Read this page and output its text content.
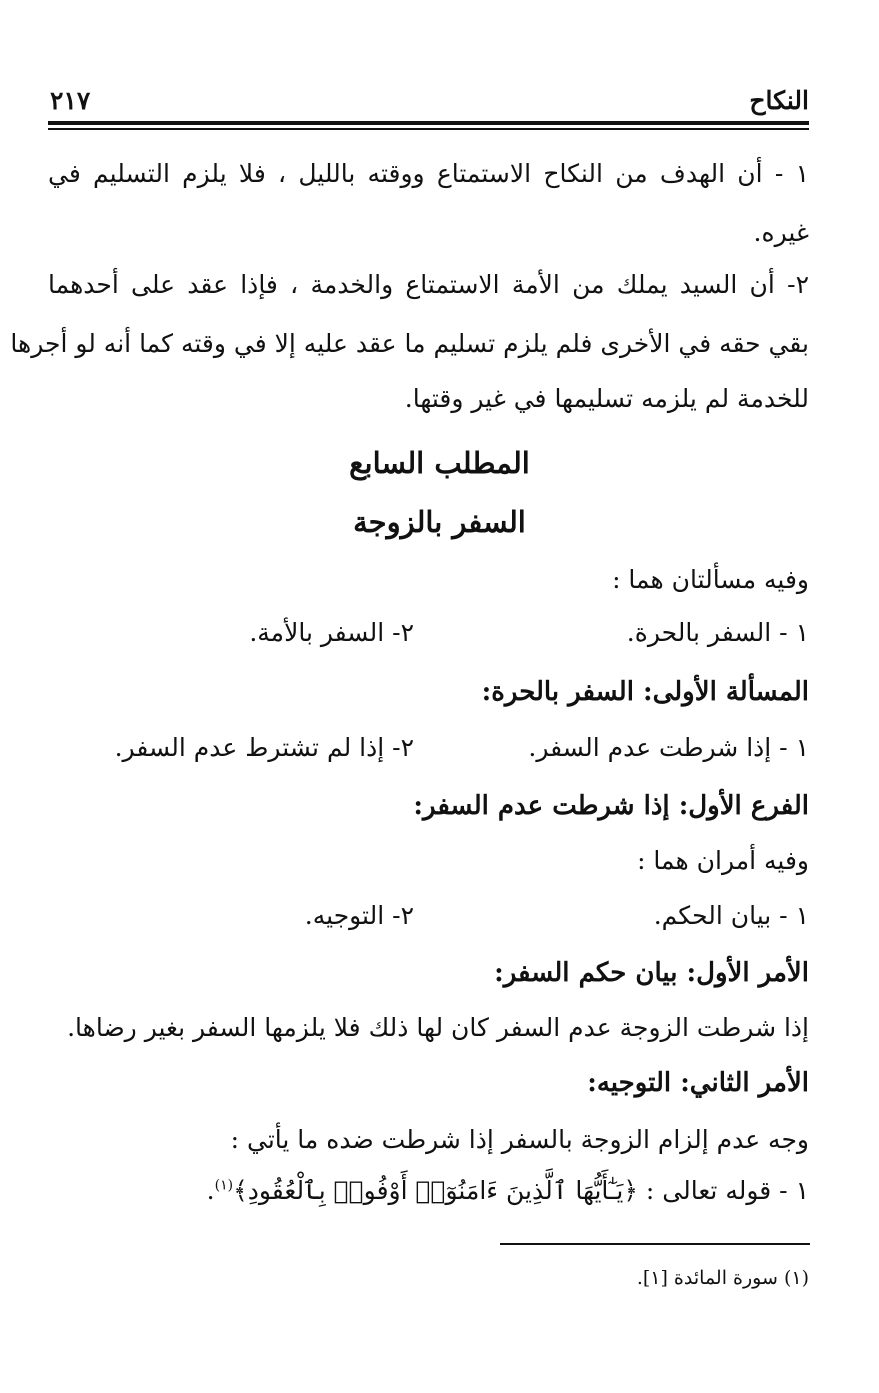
النكاح
٢١٧
١ - أن الهدف من النكاح الاستمتاع ووقته بالليل ، فلا يلزم التسليم في
غيره.
٢- أن السيد يملك من الأمة الاستمتاع والخدمة ، فإذا عقد على أحدهما
بقي حقه في الأخرى فلم يلزم تسليم ما عقد عليه إلا في وقته كما أنه لو أجرها
للخدمة لم يلزمه تسليمها في غير وقتها.
المطلب السابع
السفر بالزوجة
وفيه مسألتان هما :
١ - السفر بالحرة.
٢- السفر بالأمة.
المسألة الأولى: السفر بالحرة:
١ - إذا شرطت عدم السفر.
٢- إذا لم تشترط عدم السفر.
الفرع الأول: إذا شرطت عدم السفر:
وفيه أمران هما :
١ - بيان الحكم.
٢- التوجيه.
الأمر الأول: بيان حكم السفر:
إذا شرطت الزوجة عدم السفر كان لها ذلك فلا يلزمها السفر بغير رضاها.
الأمر الثاني: التوجيه:
وجه عدم إلزام الزوجة بالسفر إذا شرطت ضده ما يأتي :
١ - قوله تعالى : ﴿يَـٰٓأَيُّهَا ٱلَّذِينَ ءَامَنُوٓا۟ أَوْفُوا۟ بِٱلْعُقُودِ﴾$^{(١)}$.
(١) سورة المائدة [١].
